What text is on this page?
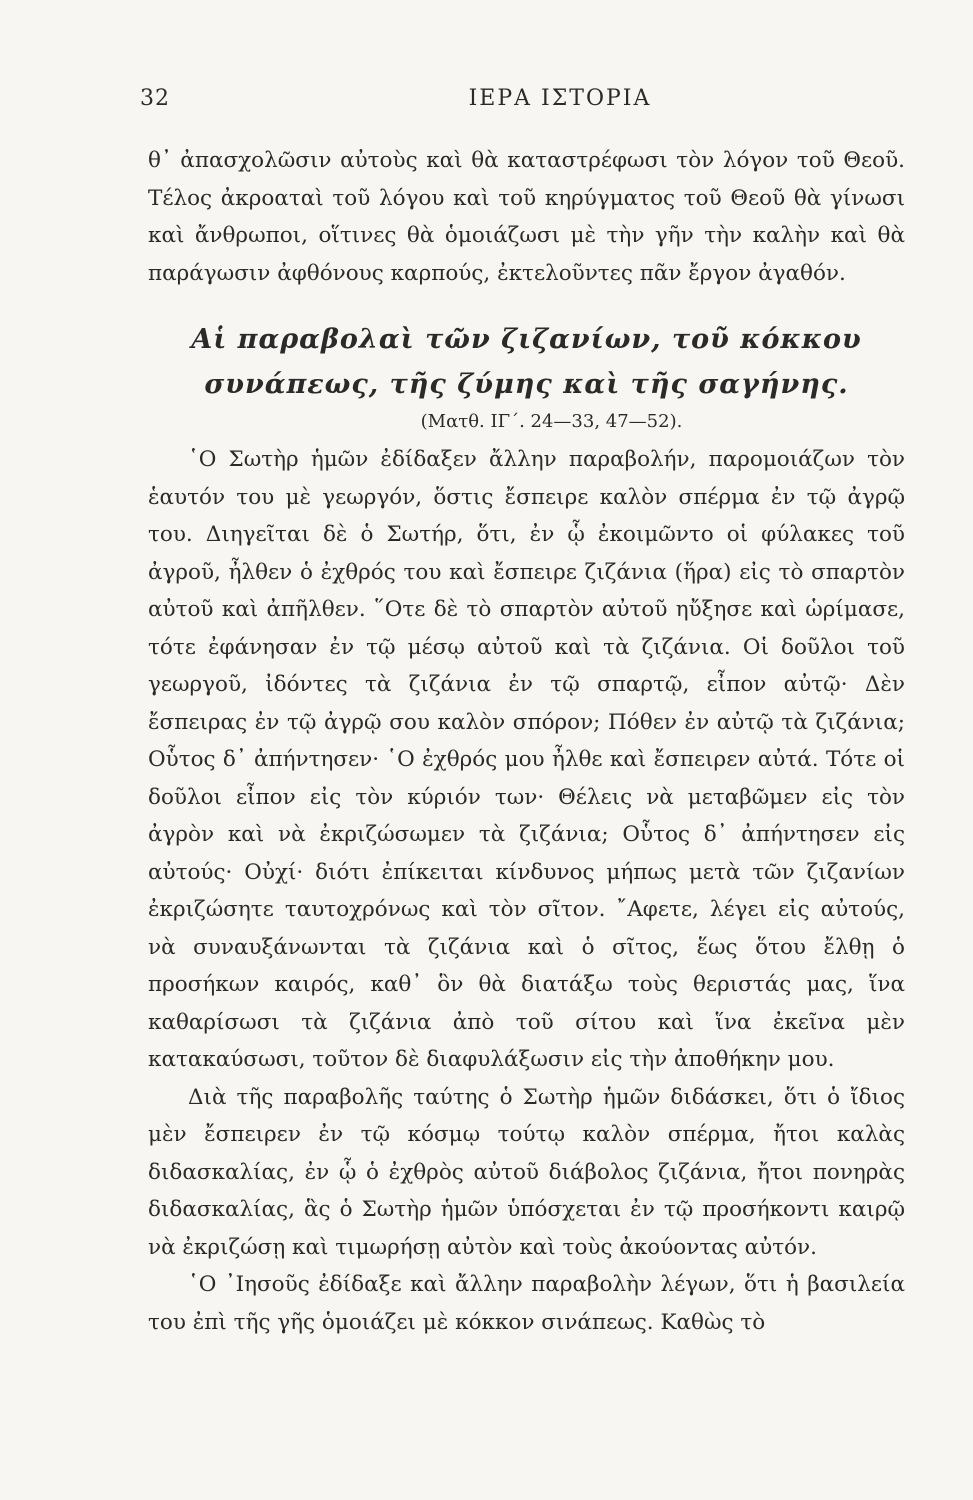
32	ΙΕΡΑ ΙΣΤΟΡΙΑ

θ᾿ ἀπασχολῶσιν αὐτοὺς καὶ θὰ καταστρέφωσι τὸν λόγον τοῦ Θεοῦ. Τέλος ἀκροαταὶ τοῦ λόγου καὶ τοῦ κηρύγματος τοῦ Θεοῦ θὰ γίνωσι καὶ ἄνθρωποι, οἵτινες θὰ ὁμοιάζωσι μὲ τὴν γῆν τὴν καλὴν καὶ θὰ παράγωσιν ἀφθόνους καρπούς, ἐκτελοῦντες πᾶν ἔργον ἀγαθόν.

Αἱ παραβολαὶ τῶν ζιζανίων, τοῦ κόκκου
συνάπεως, τῆς ζύμης καὶ τῆς σαγήνης.
(Ματθ. ΙΓ΄. 24—33, 47—52).

῾Ο Σωτὴρ ἡμῶν ἐδίδαξεν ἄλλην παραβολήν, παρομοιάζων τὸν ἑαυτόν του μὲ γεωργόν, ὅστις ἔσπειρε καλὸν σπέρμα ἐν τῷ ἀγρῷ του. Διηγεῖται δὲ ὁ Σωτήρ, ὅτι, ἐν ᾧ ἐκοιμῶντο οἱ φύλακες τοῦ ἀγροῦ, ἦλθεν ὁ ἐχθρός του καὶ ἔσπειρε ζιζάνια (ἥρα) εἰς τὸ σπαρτὸν αὐτοῦ καὶ ἀπῆλθεν. ῞Οτε δὲ τὸ σπαρτὸν αὐτοῦ ηὔξησε καὶ ὡρίμασε, τότε ἐφάνησαν ἐν τῷ μέσῳ αὐτοῦ καὶ τὰ ζιζάνια. Οἱ δοῦλοι τοῦ γεωργοῦ, ἰδόντες τὰ ζιζάνια ἐν τῷ σπαρτῷ, εἶπον αὐτῷ· Δὲν ἔσπειρας ἐν τῷ ἀγρῷ σου καλὸν σπόρον; Πόθεν ἐν αὐτῷ τὰ ζιζάνια; Οὗτος δ᾿ ἀπήντησεν· ῾Ο ἐχθρός μου ἦλθε καὶ ἔσπειρεν αὐτά. Τότε οἱ δοῦλοι εἶπον εἰς τὸν κύριόν των· Θέλεις νὰ μεταβῶμεν εἰς τὸν ἀγρὸν καὶ νὰ ἐκριζώσωμεν τὰ ζιζάνια; Οὗτος δ᾿ ἀπήντησεν εἰς αὐτούς· Οὐχί· διότι ἐπίκειται κίνδυνος μήπως μετὰ τῶν ζιζανίων ἐκριζώσητε ταυτοχρόνως καὶ τὸν σῖτον. ῎Αφετε, λέγει εἰς αὐτούς, νὰ συναυξάνωνται τὰ ζιζάνια καὶ ὁ σῖτος, ἕως ὅτου ἔλθῃ ὁ προσήκων καιρός, καθ᾿ ὃν θὰ διατάξω τοὺς θεριστάς μας, ἵνα καθαρίσωσι τὰ ζιζάνια ἀπὸ τοῦ σίτου καὶ ἵνα ἐκεῖνα μὲν κατακαύσωσι, τοῦτον δὲ διαφυλάξωσιν εἰς τὴν ἀποθήκην μου.

Διὰ τῆς παραβολῆς ταύτης ὁ Σωτὴρ ἡμῶν διδάσκει, ὅτι ὁ ἴδιος μὲν ἔσπειρεν ἐν τῷ κόσμῳ τούτῳ καλὸν σπέρμα, ἤτοι καλὰς διδασκαλίας, ἐν ᾧ ὁ ἐχθρὸς αὐτοῦ διάβολος ζιζάνια, ἤτοι πονηρὰς διδασκαλίας, ἃς ὁ Σωτὴρ ἡμῶν ὑπόσχεται ἐν τῷ προσήκοντι καιρῷ νὰ ἐκριζώσῃ καὶ τιμωρήσῃ αὐτὸν καὶ τοὺς ἀκούοντας αὐτόν.

῾Ο ᾿Ιησοῦς ἐδίδαξε καὶ ἄλλην παραβολὴν λέγων, ὅτι ἡ βασιλεία του ἐπὶ τῆς γῆς ὁμοιάζει μὲ κόκκον σινάπεως. Καθὼς τὸ
